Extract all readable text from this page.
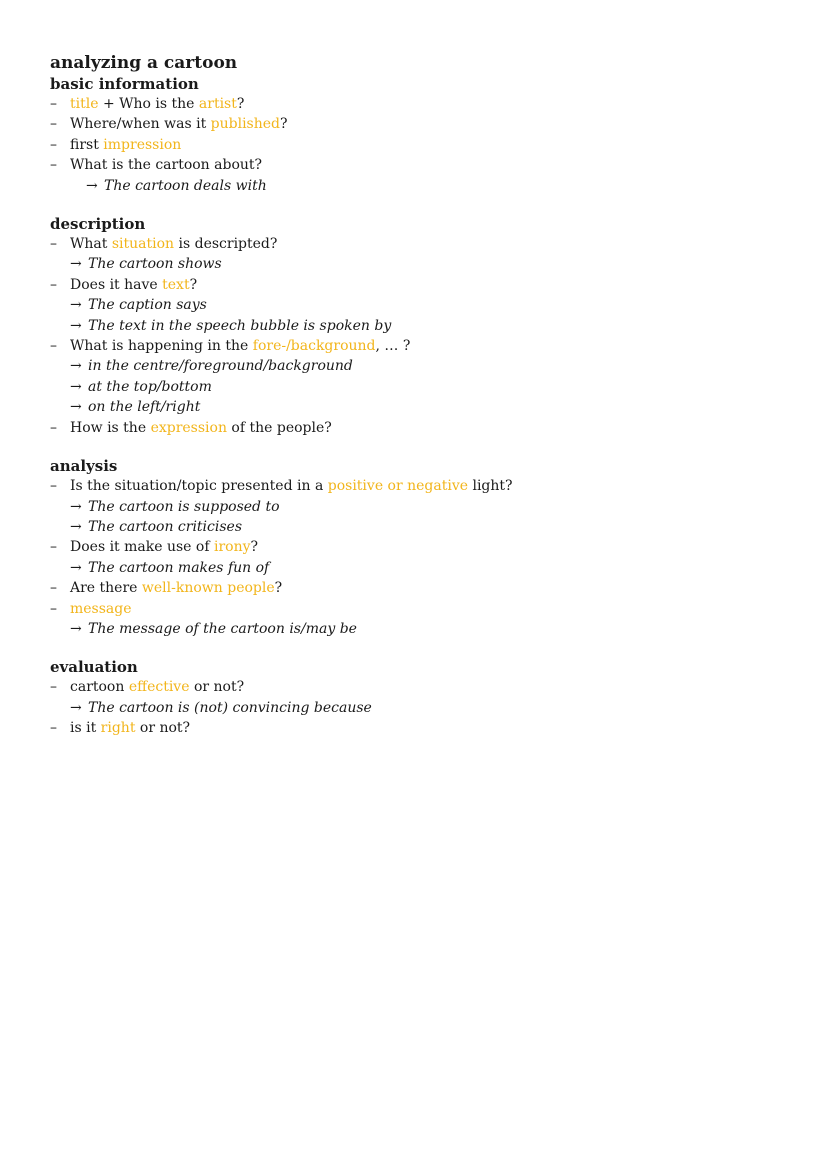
analyzing a cartoon
basic information
– title + Who is the artist?
– Where/when was it published?
– first impression
– What is the cartoon about?
→ The cartoon deals with
description
– What situation is descripted?
→ The cartoon shows
– Does it have text?
→ The caption says
→ The text in the speech bubble is spoken by
– What is happening in the fore-/background, … ?
→ in the centre/foreground/background
→ at the top/bottom
→ on the left/right
– How is the expression of the people?
analysis
– Is the situation/topic presented in a positive or negative light?
→ The cartoon is supposed to
→ The cartoon criticises
– Does it make use of irony?
→ The cartoon makes fun of
– Are there well-known people?
– message
→ The message of the cartoon is/may be
evaluation
– cartoon effective or not?
→ The cartoon is (not) convincing because
– is it right or not?
